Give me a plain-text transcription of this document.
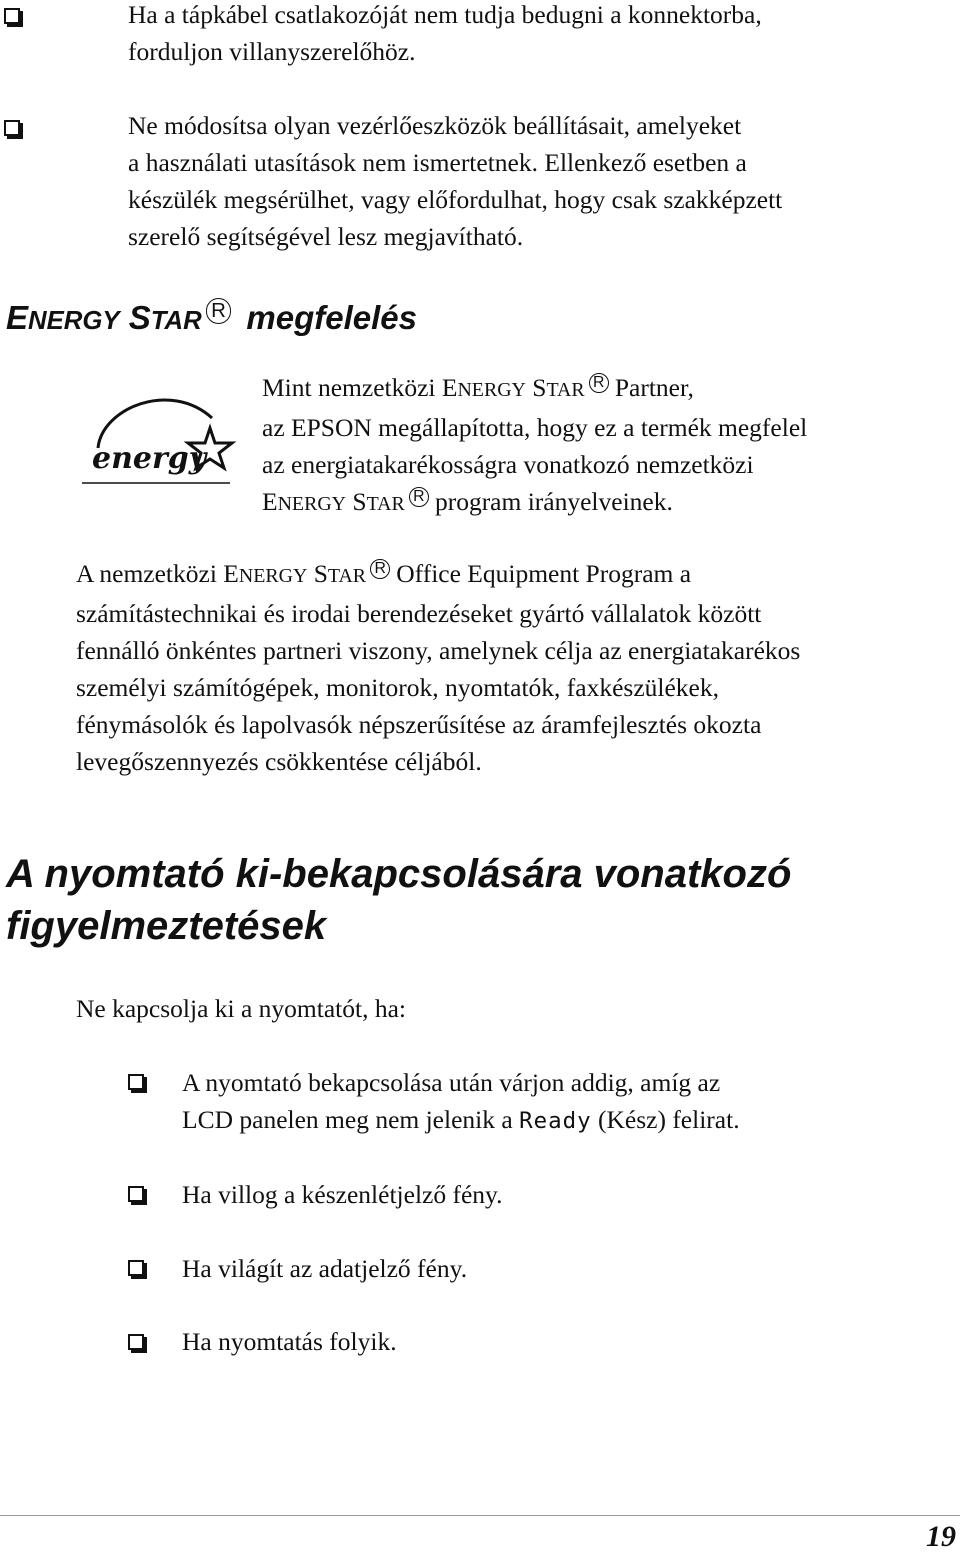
Ha a tápkábel csatlakozóját nem tudja bedugni a konnektorba,
forduljon villanyszerelőhöz.
Ne módosítsa olyan vezérlőeszközök beállításait, amelyeket
a használati utasítások nem ismertetnek. Ellenkező esetben a
készülék megsérülhet, vagy előfordulhat, hogy csak szakképzett
szerelő segítségével lesz megjavítható.
ENERGY STAR R megfelelés
energy
Mint nemzetközi ENERGY STAR R Partner,
az EPSON megállapította, hogy ez a termék megfelel
az energiatakarékosságra vonatkozó nemzetközi
ENERGY STAR R program irányelveinek.
A nemzetközi ENERGY STAR R Office Equipment Program a
számítástechnikai és irodai berendezéseket gyártó vállalatok között
fennálló önkéntes partneri viszony, amelynek célja az energiatakarékos
személyi számítógépek, monitorok, nyomtatók, faxkészülékek,
fénymásolók és lapolvasók népszerűsítése az áramfejlesztés okozta
levegőszennyezés csökkentése céljából.
A nyomtató ki-bekapcsolására vonatkozó
figyelmeztetések
Ne kapcsolja ki a nyomtatót, ha:
A nyomtató bekapcsolása után várjon addig, amíg az
LCD panelen meg nem jelenik a Ready (Kész) felirat.
Ha villog a készenlétjelző fény.
Ha világít az adatjelző fény.
Ha nyomtatás folyik.
19
